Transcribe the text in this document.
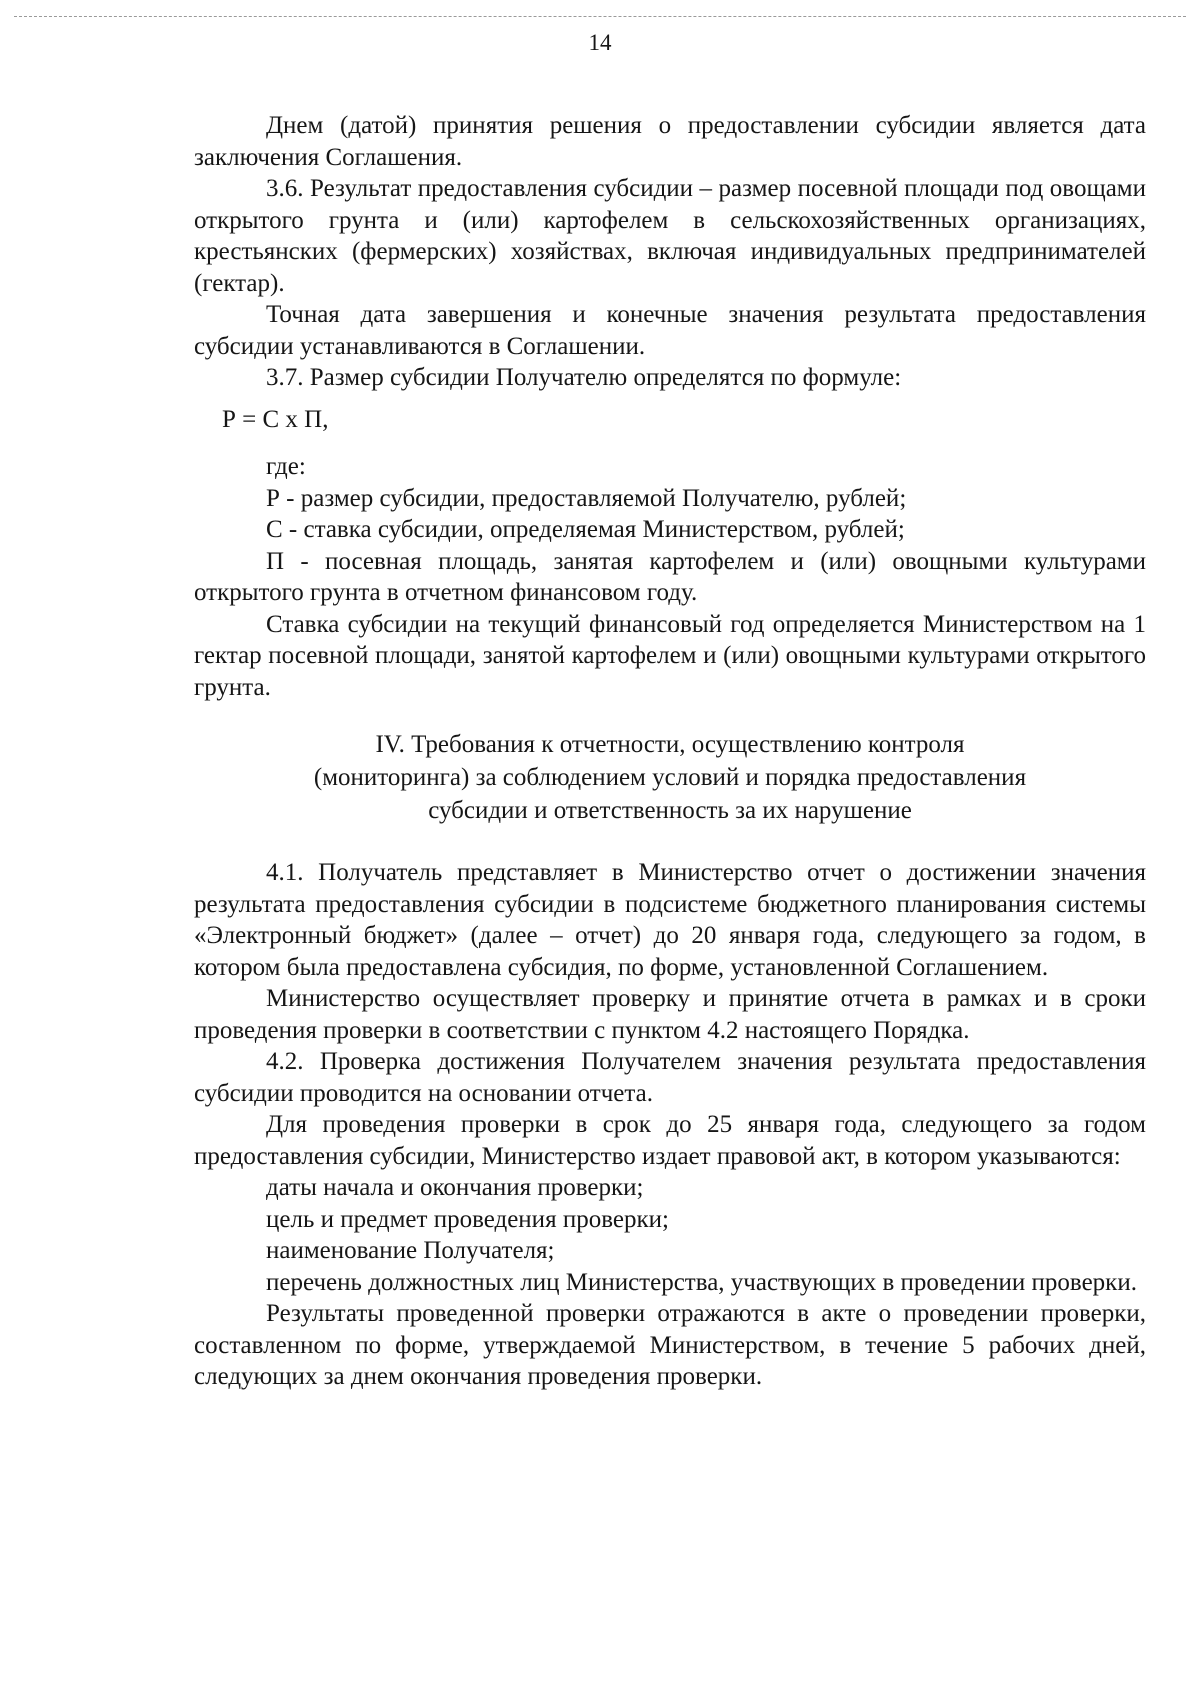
14

Днем (датой) принятия решения о предоставлении субсидии является дата заключения Соглашения.

3.6. Результат предоставления субсидии – размер посевной площади под овощами открытого грунта и (или) картофелем в сельскохозяйственных организациях, крестьянских (фермерских) хозяйствах, включая индивидуальных предпринимателей (гектар).

Точная дата завершения и конечные значения результата предоставления субсидии устанавливаются в Соглашении.

3.7. Размер субсидии Получателю определятся по формуле:

Р = С х П,

где:

Р - размер субсидии, предоставляемой Получателю, рублей;

С - ставка субсидии, определяемая Министерством, рублей;

П - посевная площадь, занятая картофелем и (или) овощными культурами открытого грунта в отчетном финансовом году.

Ставка субсидии на текущий финансовый год определяется Министерством на 1 гектар посевной площади, занятой картофелем и (или) овощными культурами открытого грунта.

IV. Требования к отчетности, осуществлению контроля
(мониторинга) за соблюдением условий и порядка предоставления
субсидии и ответственность за их нарушение

4.1. Получатель представляет в Министерство отчет о достижении значения результата предоставления субсидии в подсистеме бюджетного планирования системы «Электронный бюджет» (далее – отчет) до 20 января года, следующего за годом, в котором была предоставлена субсидия, по форме, установленной Соглашением.

Министерство осуществляет проверку и принятие отчета в рамках и в сроки проведения проверки в соответствии с пунктом 4.2 настоящего Порядка.

4.2. Проверка достижения Получателем значения результата предоставления субсидии проводится на основании отчета.

Для проведения проверки в срок до 25 января года, следующего за годом предоставления субсидии, Министерство издает правовой акт, в котором указываются:

даты начала и окончания проверки;

цель и предмет проведения проверки;

наименование Получателя;

перечень должностных лиц Министерства, участвующих в проведении проверки.

Результаты проведенной проверки отражаются в акте о проведении проверки, составленном по форме, утверждаемой Министерством, в течение 5 рабочих дней, следующих за днем окончания проведения проверки.
